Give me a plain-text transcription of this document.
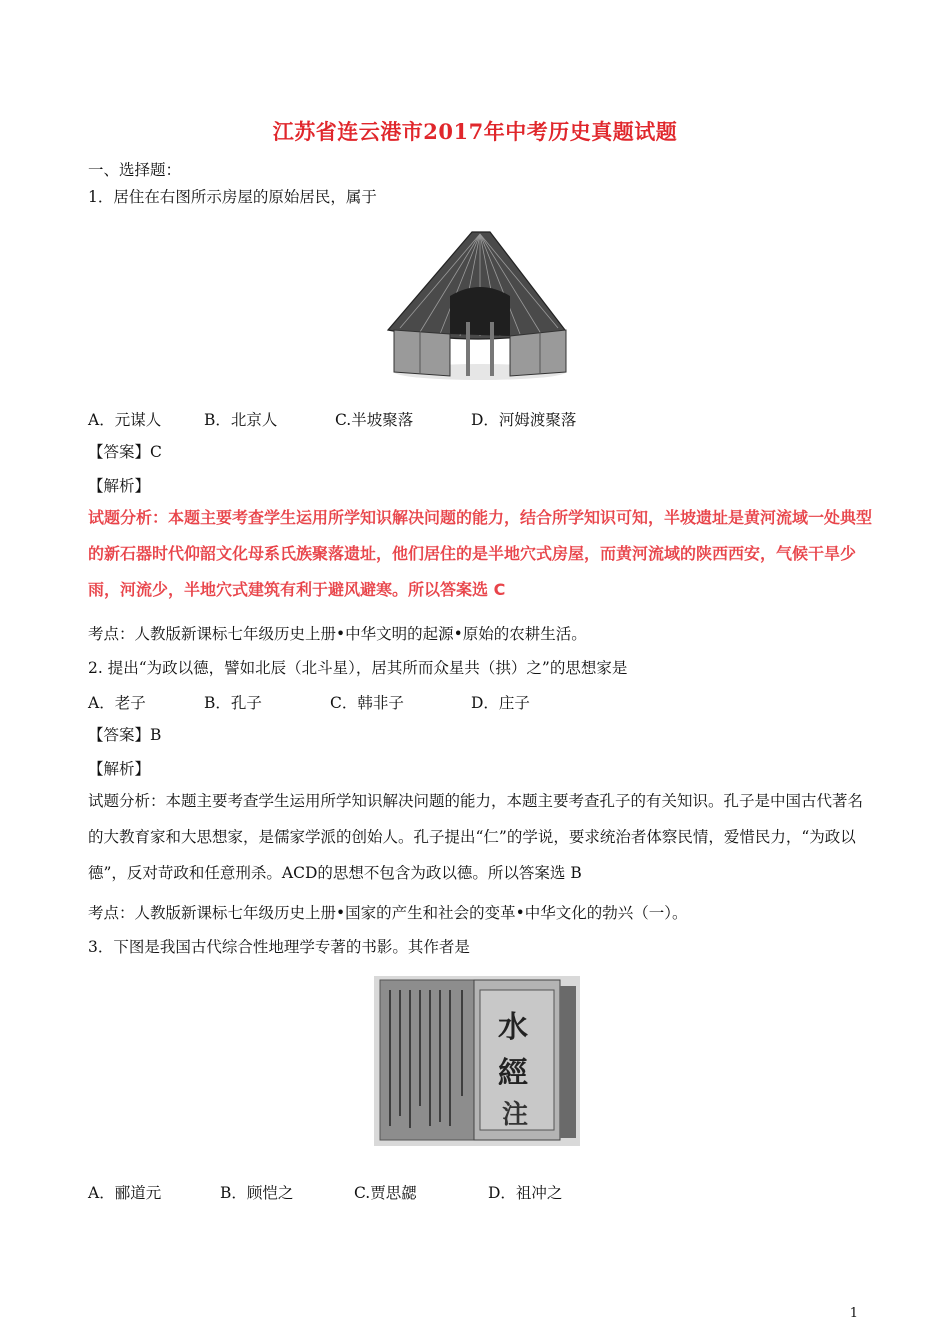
江苏省连云港市2017年中考历史真题试题
一、选择题：
1．居住在右图所示房屋的原始居民，属于
A．元谋人	B．北京人	C.半坡聚落	D．河姆渡聚落
【答案】C
【解析】
试题分析：本题主要考查学生运用所学知识解决问题的能力，结合所学知识可知，半坡遗址是黄河流域一处典型的新石器时代仰韶文化母系氏族聚落遗址，他们居住的是半地穴式房屋，而黄河流域的陕西西安，气候干旱少雨，河流少，半地穴式建筑有利于避风避寒。所以答案选 C
考点：人教版新课标七年级历史上册•中华文明的起源•原始的农耕生活。
2. 提出“为政以德，譬如北辰（北斗星），居其所而众星共（拱）之”的思想家是
A．老子	B．孔子	C．韩非子	D．庄子
【答案】B
【解析】
试题分析：本题主要考查学生运用所学知识解决问题的能力，本题主要考查孔子的有关知识。孔子是中国古代著名的大教育家和大思想家，是儒家学派的创始人。孔子提出“仁”的学说，要求统治者体察民情，爱惜民力，“为政以德”，反对苛政和任意刑杀。ACD的思想不包含为政以德。所以答案选 B
考点：人教版新课标七年级历史上册•国家的产生和社会的变革•中华文化的勃兴（一）。
3．下图是我国古代综合性地理学专著的书影。其作者是
水
經
注
A．郦道元	B．顾恺之	C.贾思勰	D．祖冲之
1
